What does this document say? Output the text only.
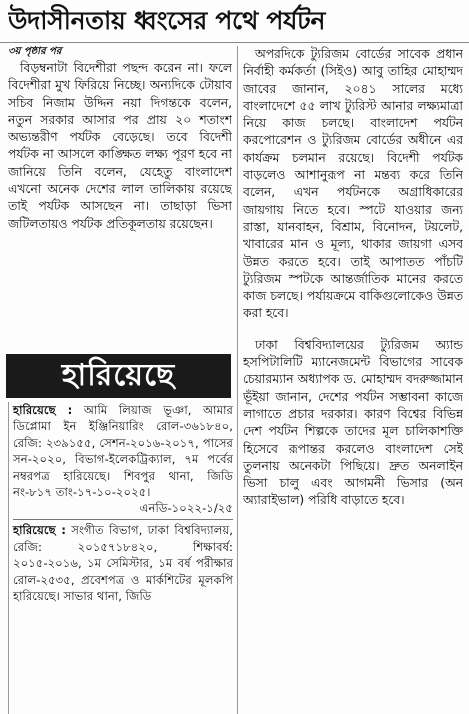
উদাসীনতায় ধ্বংসের পথে পর্যটন

৩য় পৃষ্ঠার পর

বিড়ম্বনাটা বিদেশীরা পছন্দ করেন না। ফলে বিদেশীরা মুখ ফিরিয়ে নিচ্ছে। অন্যদিকে টোয়াব সচিব নিজাম উদ্দিন নয়া দিগন্তকে বলেন, নতুন সরকার আসার পর প্রায় ২০ শতাংশ অভ্যন্তরীণ পর্যটক বেড়েছে। তবে বিদেশী পর্যটক না আসলে কাঙ্ক্ষিত লক্ষ্য পূরণ হবে না জানিয়ে তিনি বলেন, যেহেতু বাংলাদেশ এখনো অনেক দেশের লাল তালিকায় রয়েছে তাই পর্যটক আসছেন না। তাছাড়া ভিসা জটিলতায়ও পর্যটক প্রতিকূলতায় রয়েছেন।

অপরদিকে ট্যুরিজম বোর্ডের সাবেক প্রধান নির্বাহী কর্মকর্তা (সিইও) আবু তাহির মোহাম্মদ জাবের জানান, ২০৪১ সালের মধ্যে বাংলাদেশে ৫৫ লাখ ট্যুরিস্ট আনার লক্ষ্যমাত্রা নিয়ে কাজ চলছে। বাংলাদেশ পর্যটন করপোরেশন ও ট্যুরিজম বোর্ডের অধীনে এর কার্যক্রম চলমান রয়েছে। বিদেশী পর্যটক বাড়লেও আশানুরূপ না মন্তব্য করে তিনি বলেন, এখন পর্যটনকে অগ্রাধিকারের জায়গায় নিতে হবে। স্পটে যাওয়ার জন্য রাস্তা, যানবাহন, বিশ্রাম, বিনোদন, টয়লেট, খাবারের মান ও মূল্য, থাকার জায়গা এসব উন্নত করতে হবে। তাই আপাতত পাঁচটি ট্যুরিজম স্পটকে আন্তর্জাতিক মানের করতে কাজ চলছে। পর্যায়ক্রমে বাকিগুলোকেও উন্নত করা হবে।

ঢাকা বিশ্ববিদ্যালয়ের ট্যুরিজম অ্যান্ড হসপিটালিটি ম্যানেজমেন্ট বিভাগের সাবেক চেয়ারম্যান অধ্যাপক ড. মোহাম্মদ বদরুজ্জামান ভূঁইয়া জানান, দেশের পর্যটন সম্ভাবনা কাজে লাগাতে প্রচার দরকার। কারণ বিশ্বের বিভিন্ন দেশ পর্যটন শিল্পকে তাদের মূল চালিকাশক্তি হিসেবে রূপান্তর করলেও বাংলাদেশ সেই তুলনায় অনেকটা পিছিয়ে। দ্রুত অনলাইন ভিসা চালু এবং আগমনী ভিসার (অন অ্যারাইভাল) পরিধি বাড়াতে হবে।

হারিয়েছে

হারিয়েছে : আমি লিয়াজ ভূঞা, আমার ডিপ্লোমা ইন ইঞ্জিনিয়ারিং রোল-৩৬১৮৪০, রেজি: ২৩৯১৫৫, সেশন-২০১৬-২০১৭, পাসের সন-২০২০, বিভাগ-ইলেকট্রিক্যাল, ৭ম পর্বের নম্বরপত্র হারিয়েছে। শিবপুর থানা, জিডি নং-৮১৭ তাং-১৭-১০-২০২৫।

এনডি-১০২২-১/২৫

হারিয়েছে : সংগীত বিভাগ, ঢাকা বিশ্ববিদ্যালয়, রেজি: ২০১৫৭১৮৪২০, শিক্ষাবর্ষ: ২০১৫-২০১৬, ১ম সেমিস্টার, ১ম বর্ষ পরীক্ষার রোল-২৫৩৫, প্রবেশপত্র ও মার্কশিটের মূলকপি হারিয়েছে। সাভার থানা, জিডি
